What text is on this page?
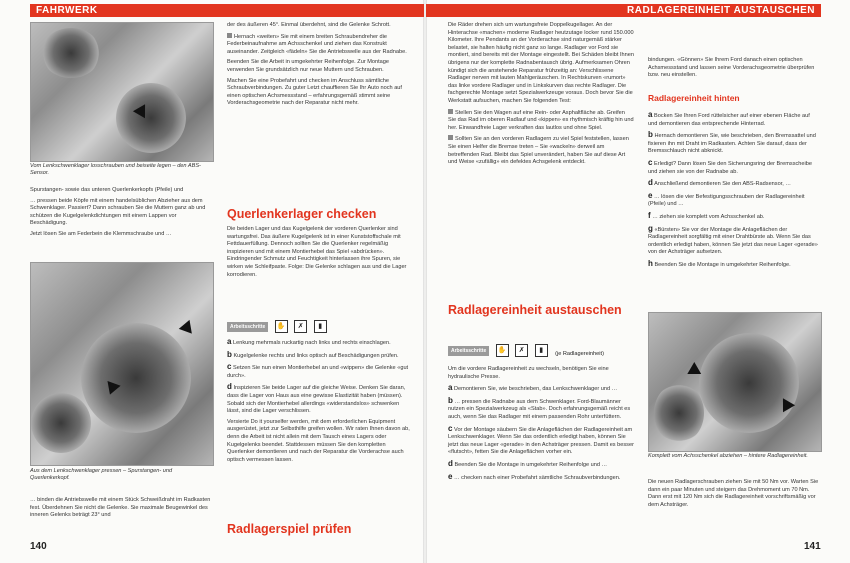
FAHRWERK
Vom Lenkschwenklager losschrauben und beiseite legen – den ABS-Sensor.

Spurstangen- sowie das unteren Querlenkerkopfs (Pfeile) und

… pressen beide Köpfe mit einem handelsüblichen Abzieher aus dem Schwenklager. Passiert? Dann schrauben Sie die Muttern ganz ab und schützen die Kugelgelenkdichtungen mit einem Lappen vor Beschädigung.

Jetzt lösen Sie am Federbein die Klemmschraube und …

Aus dem Lenkschwenklager pressen – Spurstangen- und Querlenkerkopf.

… binden die Antriebswelle mit einem Stück Schweißdraht im Radkasten fest. Überdehnen Sie nicht die Gelenke. Sie maximale Beugewinkel des inneren Gelenks beträgt 23° und

der des äußeren 45°. Einmal überdehnt, sind die Gelenke Schrott.

Hernach «weiten» Sie mit einem breiten Schraubendreher die Federbeinaufnahme am Achsschenkel und ziehen das Konstrukt auseinander. Zeitgleich «fädeln» Sie die Antriebswelle aus der Radnabe.

Beenden Sie die Arbeit in umgekehrter Reihenfolge. Zur Montage verwenden Sie grundsätzlich nur neue Muttern und Schrauben.

Machen Sie eine Probefahrt und checken im Anschluss sämtliche Schraubverbindungen. Zu guter Letzt chauffieren Sie Ihr Auto noch auf einen optischen Achsmessstand – erfahrungsgemäß stimmt seine Vorderachsgeometrie nach der Reparatur nicht mehr.

Querlenkerlager checken

Die beiden Lager und das Kugelgelenk der vorderen Querlenker sind wartungsfrei. Das äußere Kugelgelenk ist in einer Kunststoffschale mit Fettdauerfüllung. Dennoch sollten Sie die Querlenker regelmäßig inspizieren und mit einem Montierhebel das Spiel «abdrücken». Eindringender Schmutz und Feuchtigkeit hinterlassen ihre Spuren, sie wirken wie Schleifpaste. Folge: Die Gelenke schlagen aus und die Lager korrodieren.

Arbeitsschritte ✋ ✗ ▮

a Lenkung mehrmals ruckartig nach links und rechts einschlagen.

b Kugelgelenke rechts und links optisch auf Beschädigungen prüfen.

c Setzen Sie nun einen Montierhebel an und «wippen» die Gelenke «gut durch».

d Inspizieren Sie beide Lager auf die gleiche Weise. Denken Sie daran, dass die Lager von Haus aus eine gewisse Elastizität haben (müssen). Sobald sich der Montierhebel allerdings «widerstandslos» schwenken lässt, sind die Lager verschlissen.

Versierte Do it yourselfer werden, mit dem erforderlichen Equipment ausgerüstet, jetzt zur Selbsthilfe greifen wollen. Wir raten Ihnen davon ab, denn die Arbeit ist nicht allein mit dem Tausch eines Lagers oder Kugelgelenks beendet. Stattdessen müssen Sie den kompletten Querlenker demontieren und nach der Reparatur die Vorderachse auch optisch vermessen lassen.

Radlagerspiel prüfen
140
RADLAGEREINHEIT AUSTAUSCHEN

Die Räder drehen sich um wartungsfreie Doppelkugellager. An der Hinterachse «machen» moderne Radlager heutzutage locker rund 150.000 Kilometer. Ihre Pendants an der Vorderachse sind naturgemäß stärker belastet, sie halten häufig nicht ganz so lange. Radlager vor Ford sie montiert, sind bereits mit der Montage eingestellt. Bei Schäden bleibt Ihnen übrigens nur der komplette Radnabentausch übrig. Aufmerksamen Ohren kündigt sich die anstehende Reparatur frühzeitig an: Verschlissene Radlager nerven mit lauten Mahlgeräuschen. In Rechtskurven «rumort» das linke vordere Radlager und in Linkskurven das rechte Radlager. Die fachgerechte Montage setzt Spezialwerkzeuge voraus. Doch bevor Sie die Werkstatt aufsuchen, machen Sie folgenden Test:

Stellen Sie den Wagen auf eine Rein- oder Asphaltfläche ab. Greifen Sie das Rad im oberen Radlauf und «kippen» es rhythmisch kräftig hin und her. Einwandfreie Lager verkraften das lautlos und ohne Spiel.

Sollten Sie an den vorderen Radlagern zu viel Spiel feststellen, lassen Sie einen Helfer die Bremse treten – Sie «wackeln» derweil am betreffenden Rad. Bleibt das Spiel unverändert, haben Sie auf diese Art und Weise «zufällig» ein defektes Achsgelenk entdeckt.

Radlagereinheit austauschen
Arbeitsschritte ✋ ✗ ▮ (je Radlagereinheit)

Um die vordere Radlagereinheit zu wechseln, benötigen Sie eine hydraulische Presse.

a Demontieren Sie, wie beschrieben, das Lenkschwenklager und …

b … pressen die Radnabe aus dem Schwenklager. Ford-Blaumänner nutzen ein Spezialwerkzeug als «Stab». Doch erfahrungsgemäß reicht es auch, wenn Sie das Radlager mit einem passenden Rohr unterfüttern.

c Vor der Montage säubern Sie die Anlageflächen der Radlagereinheit am Lenkschwenklager. Wenn Sie das ordentlich erledigt haben, können Sie jetzt das neue Lager «gerade» in den Achsträger pressen. Damit es besser «flutscht», fetten Sie die Anlageflächen vorher ein.

d Beenden Sie die Montage in umgekehrter Reihenfolge und …

e … checken nach einer Probefahrt sämtliche Schraubverbindungen.

bindungen. «Gönnen» Sie Ihrem Ford danach einen optischen Achsmessstand und lassen seine Vorderachsgeometrie überprüfen bzw. neu einstellen.

Radlagereinheit hinten

a Bocken Sie Ihren Ford rüttelsicher auf einer ebenen Fläche auf und demontieren das entsprechende Hinterrad.

b Hernach demontieren Sie, wie beschrieben, den Bremssattel und fixieren ihn mit Draht im Radkasten. Achten Sie darauf, dass der Bremsschlauch nicht abknickt.

c Erledigt? Dann lösen Sie den Sicherungsring der Bremsscheibe und ziehen sie von der Radnabe ab.

d Anschließend demontieren Sie den ABS-Radsensor, …

e … lösen die vier Befestigungsschrauben der Radlagereinheit (Pfeile) und …

f … ziehen sie komplett vom Achsschenkel ab.

g «Bürsten» Sie vor der Montage die Anlageflächen der Radlagereinheit sorgfältig mit einer Drahtbürste ab. Wenn Sie das ordentlich erledigt haben, können Sie jetzt das neue Lager «gerade» von der Achsträger aufsetzen.

h Beenden Sie die Montage in umgekehrter Reihenfolge.

Komplett vom Achsschenkel abziehen – hintere Radlagereinheit.

Die neuen Radlagerschrauben ziehen Sie mit 50 Nm vor. Warten Sie dann ein paar Minuten und steigern das Drehmoment um 70 Nm. Dann erst mit 120 Nm sich die Radlagereinheit vorschriftsmäßig vor dem Achsträger.

141
